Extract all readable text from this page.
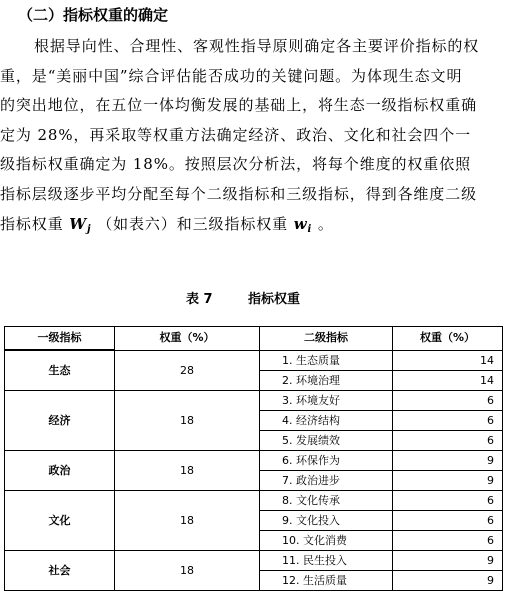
（二）指标权重的确定
根据导向性、合理性、客观性指导原则确定各主要评价指标的权
重，是“美丽中国”综合评估能否成功的关键问题。为体现生态文明
的突出地位，在五位一体均衡发展的基础上，将生态一级指标权重确
定为 28%，再采取等权重方法确定经济、政治、文化和社会四个一
级指标权重确定为 18%。按照层次分析法，将每个维度的权重依照
指标层级逐步平均分配至每个二级指标和三级指标，得到各维度二级
指标权重 $W_j$ （如表六）和三级指标权重 $w_i$ 。
表 7	指标权重
一级指标	权重（%）	二级指标	权重（%）
生态	28	1. 生态质量	14
		2. 环境治理	14
经济	18	3. 环境友好	6
		4. 经济结构	6
		5. 发展绩效	6
政治	18	6. 环保作为	9
		7. 政治进步	9
文化	18	8. 文化传承	6
		9. 文化投入	6
		10. 文化消费	6
社会	18	11. 民生投入	9
		12. 生活质量	9
